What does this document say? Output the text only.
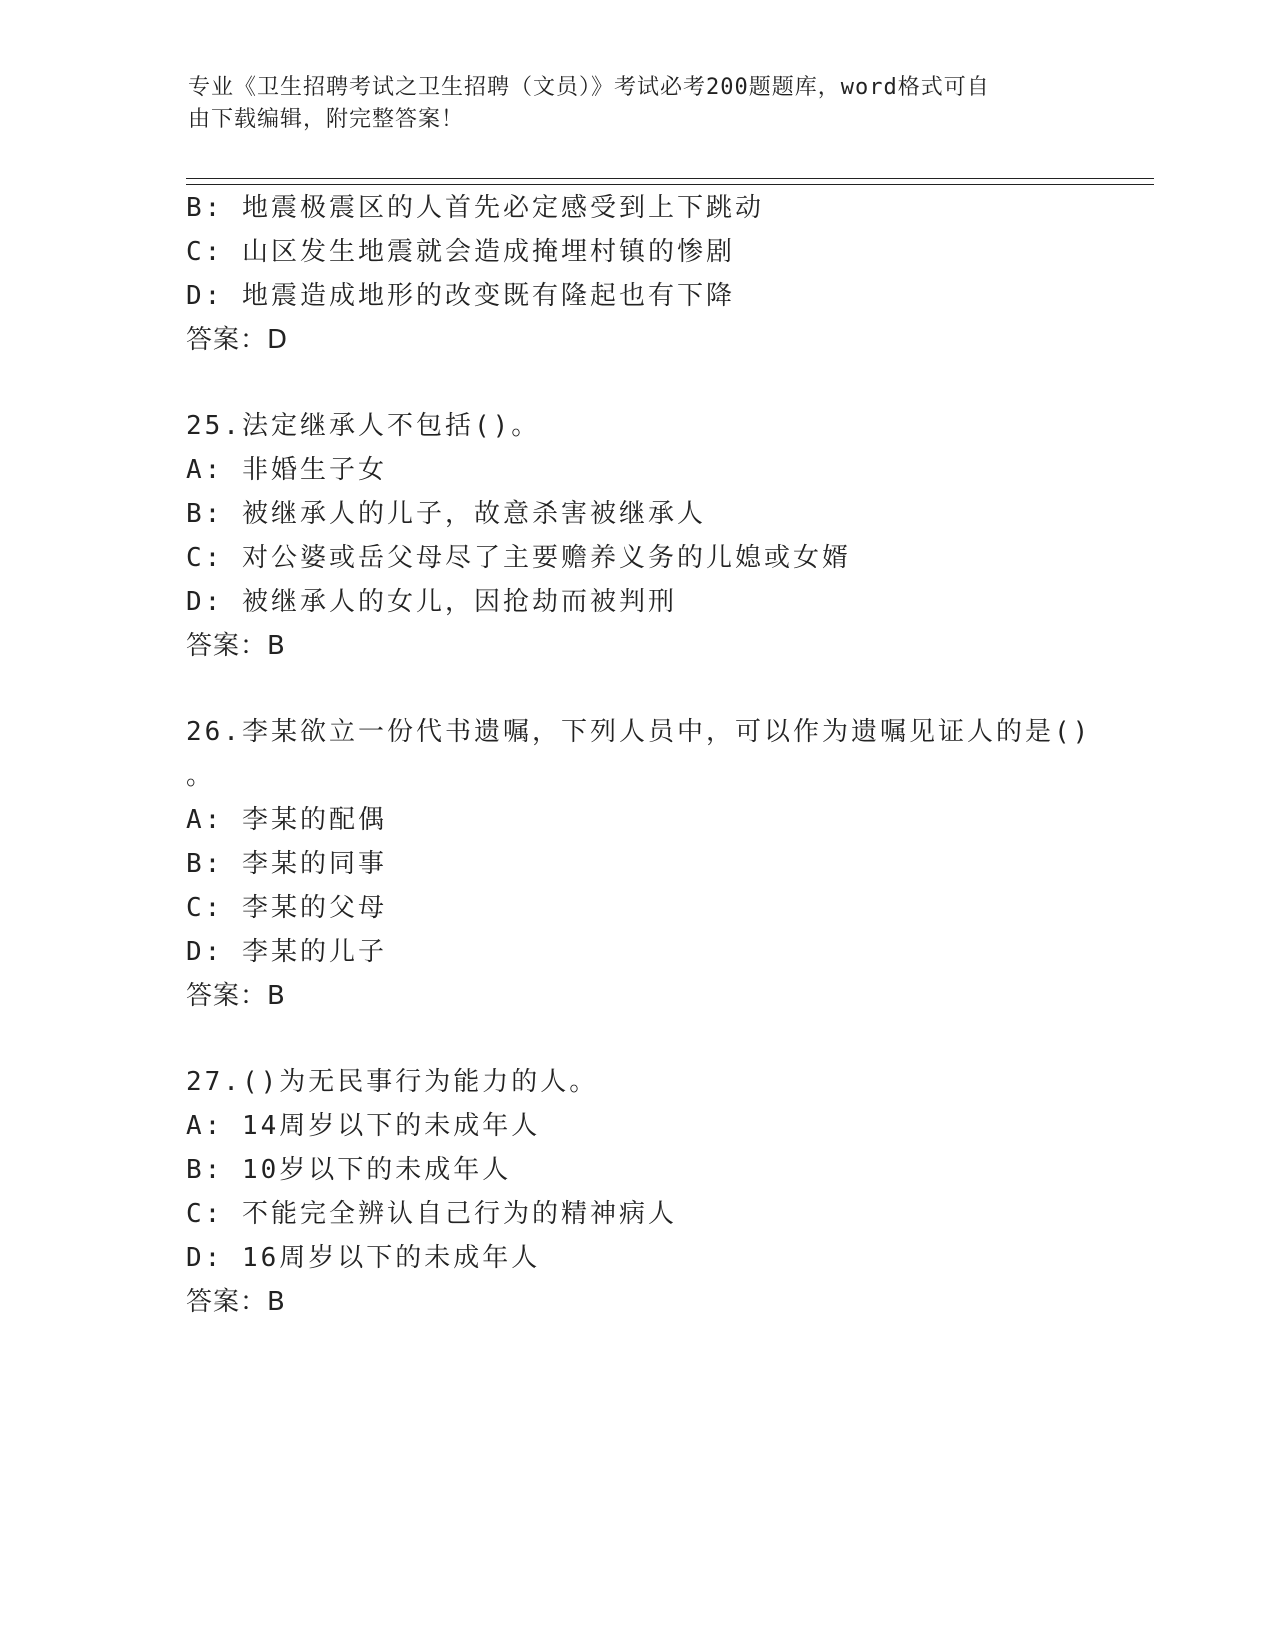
专业《卫生招聘考试之卫生招聘（文员）》考试必考200题题库，word格式可自
由下载编辑，附完整答案！
B: 地震极震区的人首先必定感受到上下跳动
C: 山区发生地震就会造成掩埋村镇的惨剧
D: 地震造成地形的改变既有隆起也有下降
答案：D
25.法定继承人不包括()。
A: 非婚生子女
B: 被继承人的儿子，故意杀害被继承人
C: 对公婆或岳父母尽了主要赡养义务的儿媳或女婿
D: 被继承人的女儿，因抢劫而被判刑
答案：B
26.李某欲立一份代书遗嘱，下列人员中，可以作为遗嘱见证人的是()
。
A: 李某的配偶
B: 李某的同事
C: 李某的父母
D: 李某的儿子
答案：B
27.()为无民事行为能力的人。
A: 14周岁以下的未成年人
B: 10岁以下的未成年人
C: 不能完全辨认自己行为的精神病人
D: 16周岁以下的未成年人
答案：B
